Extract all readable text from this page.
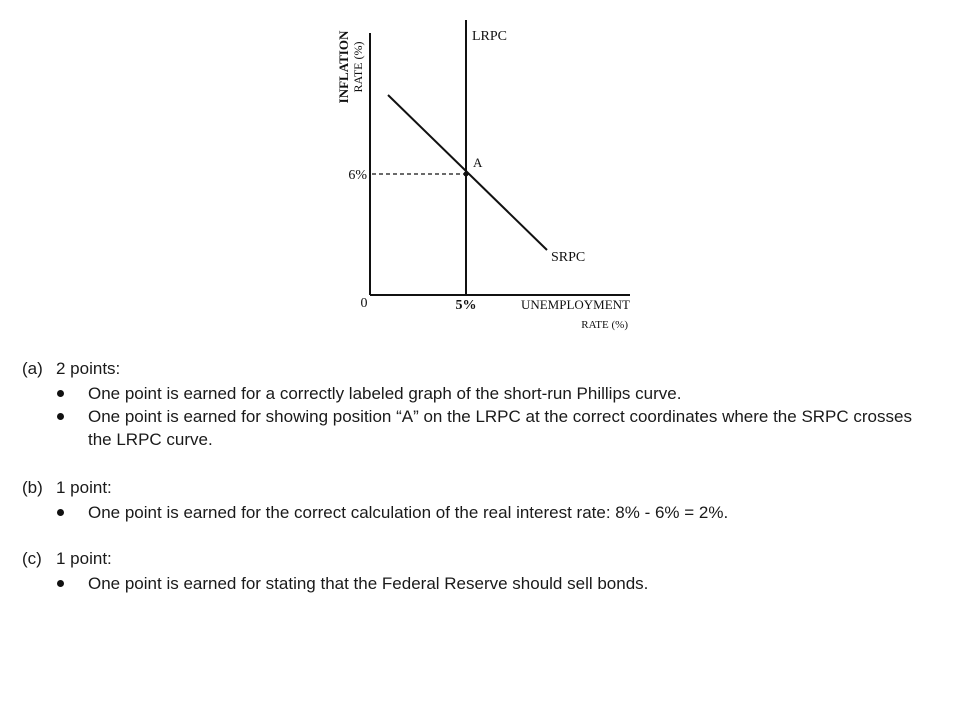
INFLATION RATE (%)
LRPC
SRPC
A
6%
0	5%	UNEMPLOYMENT
RATE (%)
(a) 2 points:
One point is earned for a correctly labeled graph of the short-run Phillips curve.
One point is earned for showing position “A” on the LRPC at the correct coordinates where the SRPC crosses the LRPC curve.
(b) 1 point:
One point is earned for the correct calculation of the real interest rate: 8% - 6% = 2%.
(c) 1 point:
One point is earned for stating that the Federal Reserve should sell bonds.
